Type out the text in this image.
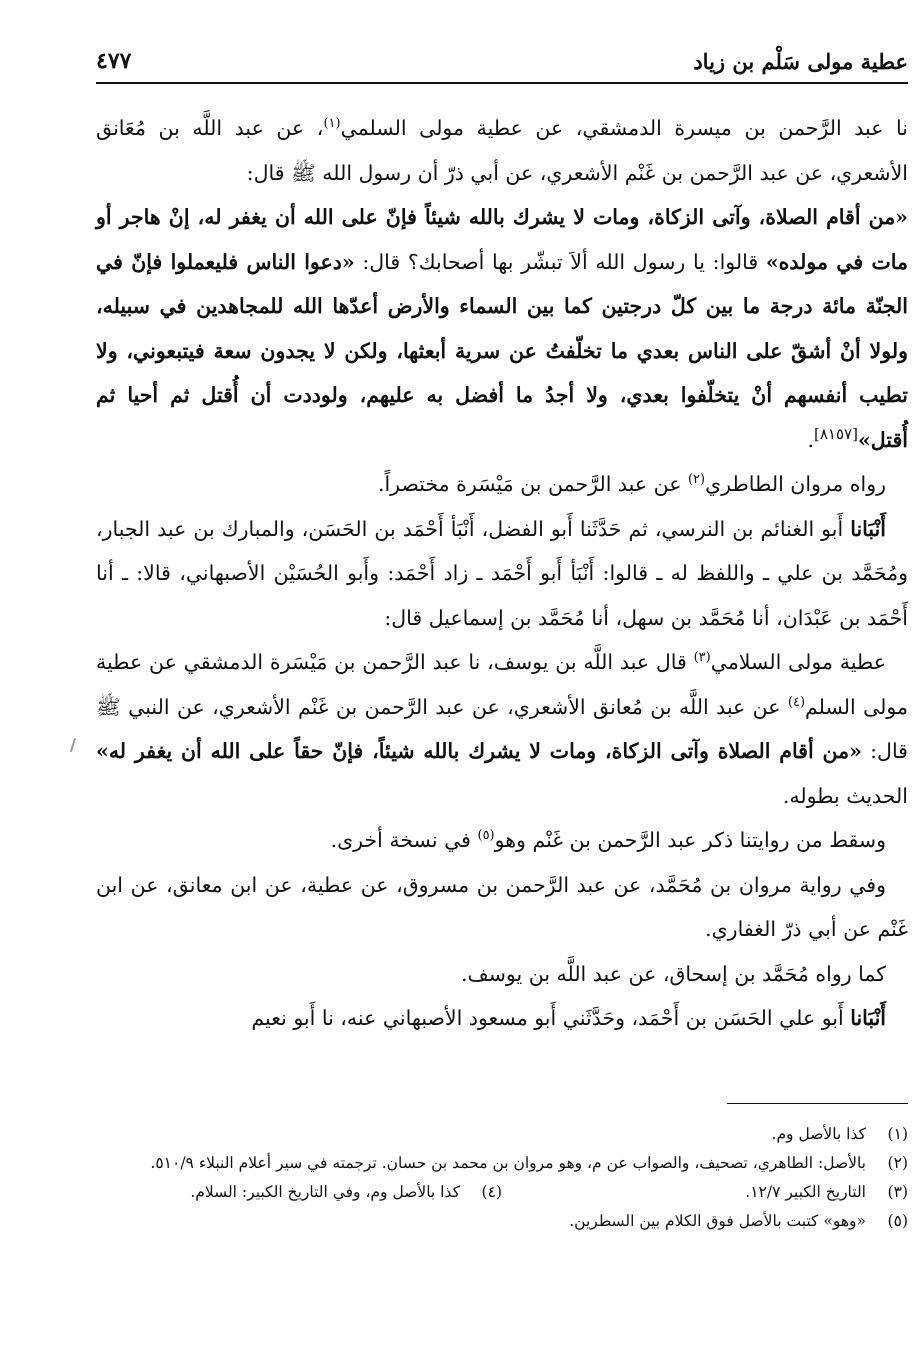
عطية مولى سَلْم بن زياد
٤٧٧

نا عبد الرَّحمن بن ميسرة الدمشقي، عن عطية مولى السلمي$^{(١)}$، عن عبد اللَّه بن مُعَانق الأشعري، عن عبد الرَّحمن بن غَنْم الأشعري، عن أبي ذرّ أن رسول الله ﷺ قال:

«من أقام الصلاة، وآتى الزكاة، ومات لا يشرك بالله شيئاً فإنّ على الله أن يغفر له، إنْ هاجر أو مات في مولده» قالوا: يا رسول الله ألاَ تبشّر بها أصحابك؟ قال: «دعوا الناس فليعملوا فإنّ في الجنّة مائة درجة ما بين كلّ درجتين كما بين السماء والأرض أعدّها الله للمجاهدين في سبيله، ولولا أنْ أشقّ على الناس بعدي ما تخلّفتُ عن سرية أبعثها، ولكن لا يجدون سعة فيتبعوني، ولا تطيب أنفسهم أنْ يتخلّفوا بعدي، ولا أجدُ ما أفضل به عليهم، ولوددت أن أُقتل ثم أحيا ثم أُقتل»[٨١٥٧].

رواه مروان الطاطري$^{(٢)}$ عن عبد الرَّحمن بن مَيْسَرة مختصراً.

أَنْبَانا أَبو الغنائم بن النرسي، ثم حَدَّثَنا أَبو الفضل، أَنْبَأ أَحْمَد بن الحَسَن، والمبارك بن عبد الجبار، ومُحَمَّد بن علي ـ واللفظ له ـ قالوا: أَنْبَأ أَبو أَحْمَد ـ زاد أَحْمَد: وأَبو الحُسَيْن الأصبهاني، قالا: ـ أنا أَحْمَد بن عَبْدَان، أنا مُحَمَّد بن سهل، أنا مُحَمَّد بن إسماعيل قال:

عطية مولى السلامي$^{(٣)}$ قال عبد اللَّه بن يوسف، نا عبد الرَّحمن بن مَيْسَرة الدمشقي عن عطية مولى السلم$^{(٤)}$ عن عبد اللَّه بن مُعانق الأشعري، عن عبد الرَّحمن بن غَنْم الأشعري، عن النبي ﷺ قال: «من أقام الصلاة وآتى الزكاة، ومات لا يشرك بالله شيئاً، فإنّ حقاً على الله أن يغفر له» الحديث بطوله.

وسقط من روايتنا ذكر عبد الرَّحمن بن غَنْم وهو$^{(٥)}$ في نسخة أخرى.

وفي رواية مروان بن مُحَمَّد، عن عبد الرَّحمن بن مسروق، عن عطية، عن ابن معانق، عن ابن غَنْم عن أبي ذرّ الغفاري.

كما رواه مُحَمَّد بن إسحاق، عن عبد اللَّه بن يوسف.

أَنْبَانا أَبو علي الحَسَن بن أَحْمَد، وحَدَّثَني أَبو مسعود الأصبهاني عنه، نا أَبو نعيم

(١)
كذا بالأصل وم.
(٢)
بالأصل: الطاهري، تصحيف، والصواب عن م، وهو مروان بن محمد بن حسان. ترجمته في سير أعلام النبلاء ٥١٠/٩.
(٣)
التاريخ الكبير ١٢/٧.
(٤)
كذا بالأصل وم، وفي التاريخ الكبير: السلام.
(٥)
«وهو» كتبت بالأصل فوق الكلام بين السطرين.
